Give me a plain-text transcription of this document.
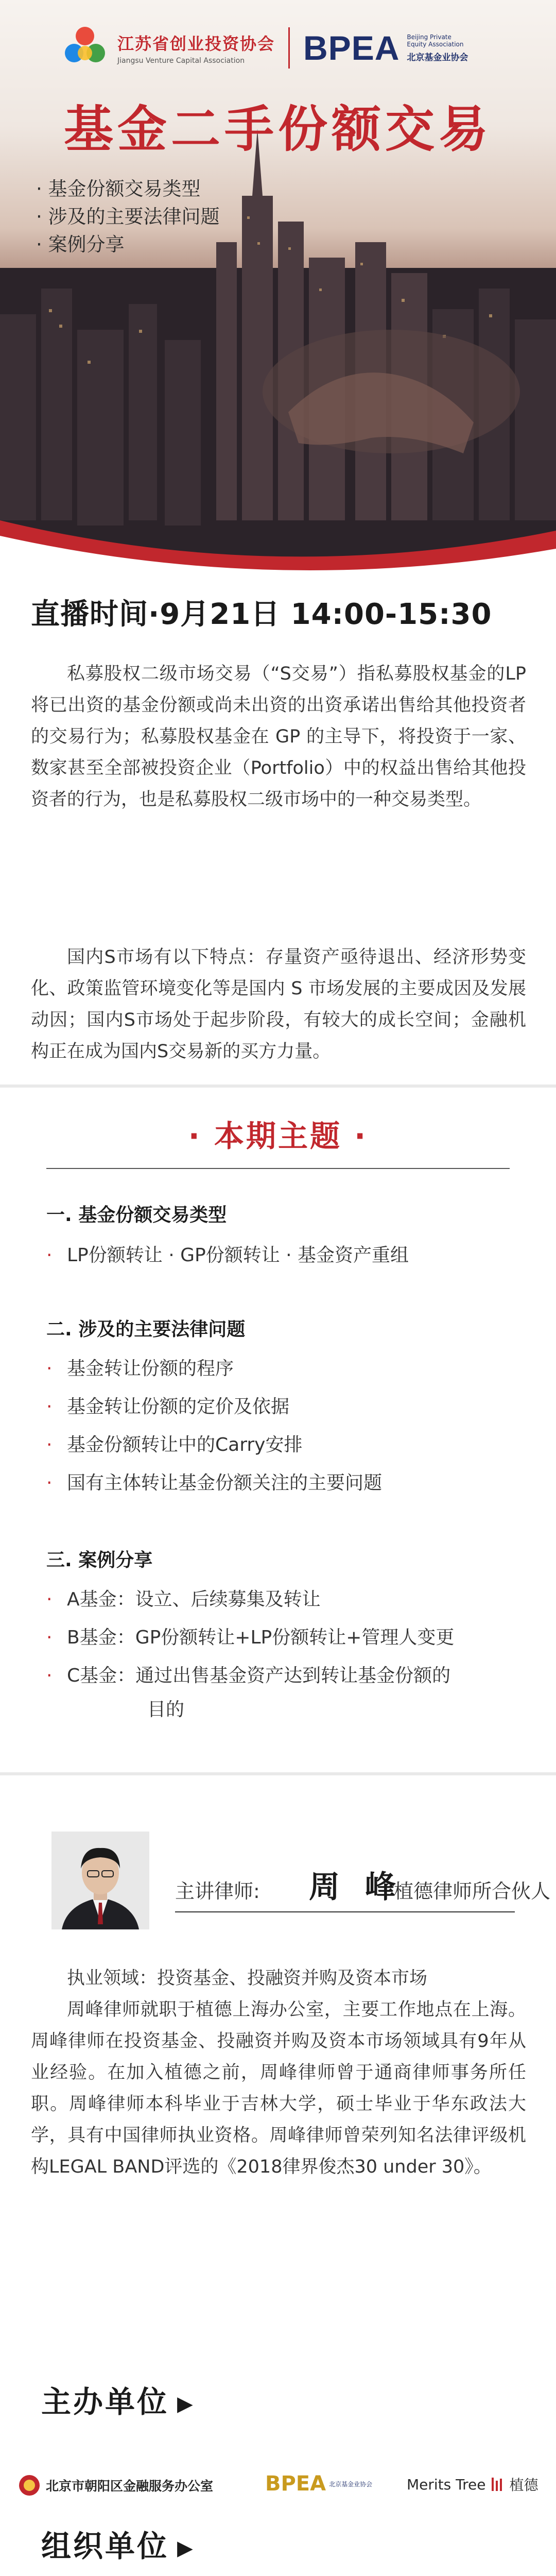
江苏省创业投资协会
Jiangsu Venture Capital Association	BPEA Beijing Private
Equity Association
北京基金业协会
基金二手份额交易
· 基金份额交易类型
· 涉及的主要法律问题
· 案例分享
直播时间·9月21日 14:00-15:30
私募股权二级市场交易（“S交易”）指私募股权基金的LP将已出资的基金份额或尚未出资的出资承诺出售给其他投资者的交易行为；私募股权基金在 GP 的主导下，将投资于一家、数家甚至全部被投资企业（Portfolio）中的权益出售给其他投资者的行为，也是私募股权二级市场中的一种交易类型。
国内S市场有以下特点：存量资产亟待退出、经济形势变化、政策监管环境变化等是国内 S 市场发展的主要成因及发展动因；国内S市场处于起步阶段，有较大的成长空间；金融机构正在成为国内S交易新的买方力量。
· 本期主题 ·
一. 基金份额交易类型
· LP份额转让 · GP份额转让 · 基金资产重组
二. 涉及的主要法律问题
· 基金转让份额的程序
· 基金转让份额的定价及依据
· 基金份额转让中的Carry安排
· 国有主体转让基金份额关注的主要问题
三. 案例分享
· A基金：设立、后续募集及转让
· B基金：GP份额转让+LP份额转让+管理人变更
· C基金：通过出售基金资产达到转让基金份额的
目的
主讲律师: 周 峰
植德律师所合伙人
执业领域：投资基金、投融资并购及资本市场
周峰律师就职于植德上海办公室，主要工作地点在上海。周峰律师在投资基金、投融资并购及资本市场领域具有9年从业经验。在加入植德之前，周峰律师曾于通商律师事务所任职。周峰律师本科毕业于吉林大学，硕士毕业于华东政法大学，具有中国律师执业资格。周峰律师曾荣列知名法律评级机构LEGAL BAND评选的《2018律界俊杰30 under 30》。
主办单位 ▶
北京市朝阳区金融服务办公室	BPEA 北京基金业协会 Merits Tree 植德
组织单位 ▶
